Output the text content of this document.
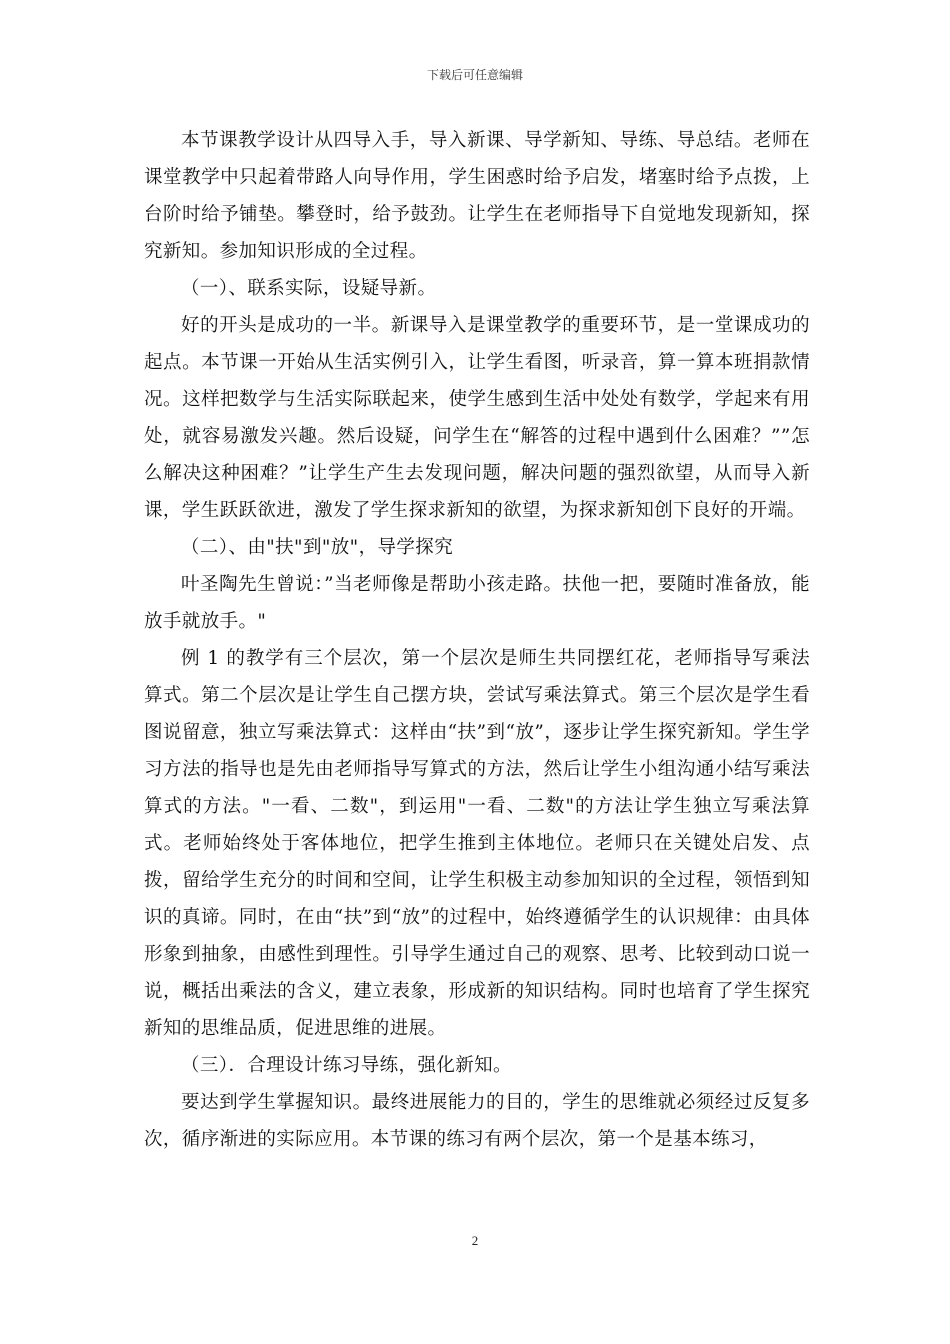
下载后可任意编辑

本节课教学设计从四导入手，导入新课、导学新知、导练、导总结。老师在课堂教学中只起着带路人向导作用，学生困惑时给予启发，堵塞时给予点拨，上台阶时给予铺垫。攀登时，给予鼓劲。让学生在老师指导下自觉地发现新知，探究新知。参加知识形成的全过程。

（一）、联系实际，设疑导新。

好的开头是成功的一半。新课导入是课堂教学的重要环节，是一堂课成功的起点。本节课一开始从生活实例引入，让学生看图，听录音，算一算本班捐款情况。这样把数学与生活实际联起来，使学生感到生活中处处有数学，学起来有用处，就容易激发兴趣。然后设疑，问学生在“解答的过程中遇到什么困难？””怎么解决这种困难？”让学生产生去发现问题，解决问题的强烈欲望，从而导入新课，学生跃跃欲进，激发了学生探求新知的欲望，为探求新知创下良好的开端。

（二）、由"扶"到"放"，导学探究

叶圣陶先生曾说：”当老师像是帮助小孩走路。扶他一把，要随时准备放，能放手就放手。"

例 1 的教学有三个层次，第一个层次是师生共同摆红花，老师指导写乘法算式。第二个层次是让学生自己摆方块，尝试写乘法算式。第三个层次是学生看图说留意，独立写乘法算式：这样由“扶”到“放”，逐步让学生探究新知。学生学习方法的指导也是先由老师指导写算式的方法，然后让学生小组沟通小结写乘法算式的方法。"一看、二数"，到运用"一看、二数"的方法让学生独立写乘法算式。老师始终处于客体地位，把学生推到主体地位。老师只在关键处启发、点拨，留给学生充分的时间和空间，让学生积极主动参加知识的全过程，领悟到知识的真谛。同时，在由“扶”到“放”的过程中，始终遵循学生的认识规律：由具体形象到抽象，由感性到理性。引导学生通过自己的观察、思考、比较到动口说一说，概括出乘法的含义，建立表象，形成新的知识结构。同时也培育了学生探究新知的思维品质，促进思维的进展。

（三）．合理设计练习导练，强化新知。

要达到学生掌握知识。最终进展能力的目的，学生的思维就必须经过反复多次，循序渐进的实际应用。本节课的练习有两个层次，第一个是基本练习，

2
